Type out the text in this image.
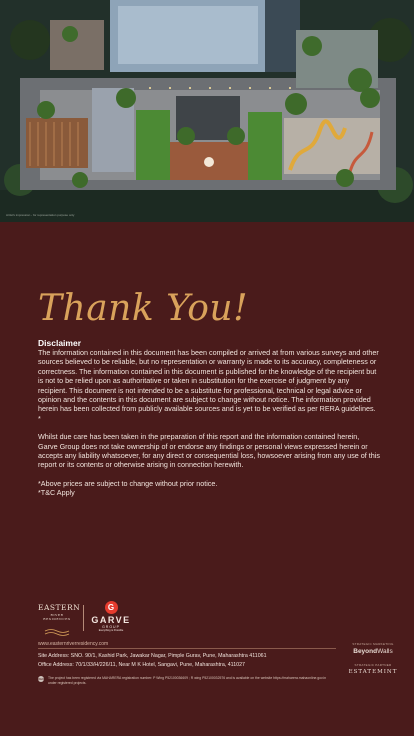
Artist's impression - for representation purpose only
Thank You!
Disclaimer

The information contained in this document has been compiled or arrived at from various surveys and other sources believed to be reliable, but no representation or warranty is made to its accuracy, completeness or correctness. The information contained in this document is published for the knowledge of the recipient but is not to be relied upon as authoritative or taken in substitution for the exercise of judgment by any recipient. This document is not intended to be a substitute for professional, technical or legal advice or opinion and the contents in this document are subject to change without notice. The information provided herein has been collected from publicly available sources and is yet to be verified as per RERA guidelines. *

Whilst due care has been taken in the preparation of this report and the information contained herein, Garve Group does not take ownership of or endorse any findings or personal views expressed herein or accepts any liability whatsoever, for any direct or consequential loss, howsoever arising from any use of this report or its contents or otherwise arising in connection herewith.

*Above prices are subject to change without prior notice.
*T&C Apply
EASTERN
RIVER RESIDENCES
G
GARVE
GROUP
Everything is Possible
www.easternriverresidency.com
Site Address: SNO. 90/1, Kashid Park, Jawakar Nagar, Pimple Gurav, Pune, Maharashtra 411061
Office Address: 70/1/33/H/226/11, Near M K Hotel, Sangavi, Pune, Maharashtra, 411027
RERA The project has been registered via MAHARERA registration number: P Wing P52100036609 ; R wing P52100032576 and is available on the website https://maharera.mahaonline.gov.in under registered projects.
STRATEGIC MARKETING
BeyondWalls
STRATEGIC PARTNER
ESTATEMINT
